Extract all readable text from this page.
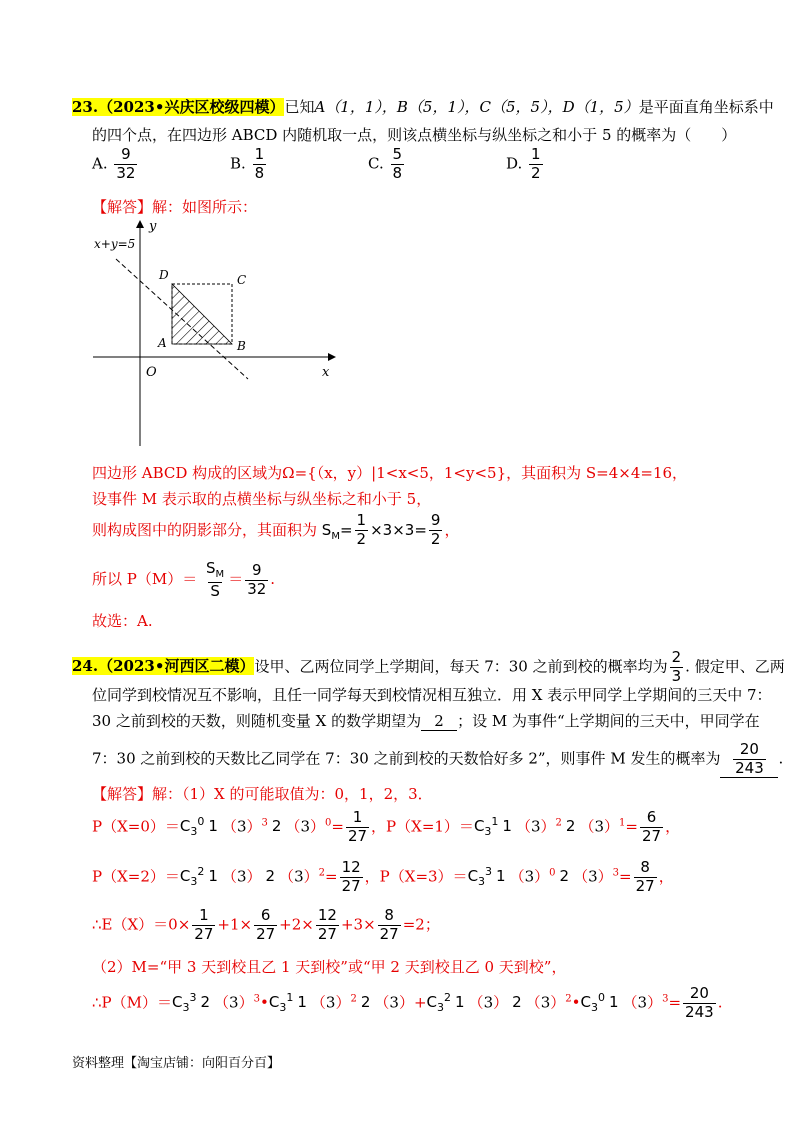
23.（2023•兴庆区校级四模）已知A（1，1），B（5，1），C（5，5），D（1，5）是平面直角坐标系中
的四个点，在四边形 ABCD 内随机取一点，则该点横坐标与纵坐标之和小于 5 的概率为（　　）
A. $\frac{9}{32}$	B. $\frac{1}{8}$	C. $\frac{5}{8}$	D. $\frac{1}{2}$
【解答】解：如图所示：
x+y=5
y
x
O
A	B
C
D
四边形 ABCD 构成的区域为Ω={（x，y）|1<x<5，1<y<5}，其面积为 S=4×4=16，
设事件 M 表示取的点横坐标与纵坐标之和小于 5，
则构成图中的阴影部分，其面积为 $S_M= \frac{1}{2} \times 3\times 3= \frac{9}{2}$ ，
所以 $P(M)= \frac{S_M}{S} = \frac{9}{32}$ .
故选：A.
24.（2023•河西区二模）设甲、乙两位同学上学期间，每天 7：30 之前到校的概率均为 $\frac{2}{3}$ . 假定甲、乙两
位同学到校情况互不影响，且任一同学每天到校情况相互独立．用 X 表示甲同学上学期间的三天中 7：
30 之前到校的天数，则随机变量 X 的数学期望为 2 ；设 M 为事件“上学期间的三天中，甲同学在
7：30 之前到校的天数比乙同学在 7：30 之前到校的天数恰好多 2”，则事件 M 发生的概率为 $\frac{20}{243}$ .
【解答】解：（1）X 的可能取值为：0，1，2，3．
$P(X=0)=C_3^0$ 1 $(3)^3$ 2 $(3)^0= \frac{1}{27}$ ，$P(X=1)=C_3^1$ 1 $(3)^2$ 2 $(3)^1= \frac{6}{27}$ ，
$P(X=2)=C_3^2$ 1 （3） 2 $(3)^2= \frac{12}{27}$ ，$P(X=3)=C_3^3$ 1 $(3)^0$ 2 $(3)^3= \frac{8}{27}$ ，
∴E（X）＝0× $\frac{1}{27} +1\times \frac{6}{27} +2\times \frac{12}{27} +3\times \frac{8}{27} =2$；
（2）M=“甲 3 天到校且乙 1 天到校”或“甲 2 天到校且乙 0 天到校”，
$\therefore P(M)=C_3^3$ 2 $(3)^3•C_3^1$ 1 $(3)^2$ 2 $(3)+C_3^2$ 1 （3） 2 $(3)^2•C_3^0$ 1 $(3)^3= \frac{20}{243}$ .
资料整理【淘宝店铺：向阳百分百】
